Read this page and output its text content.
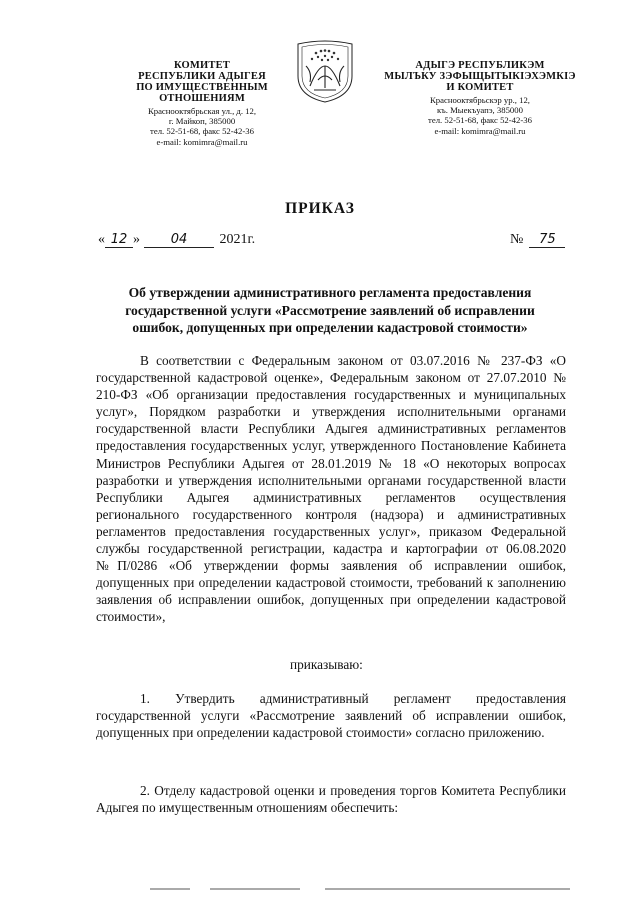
КОМИТЕТ
РЕСПУБЛИКИ АДЫГЕЯ
ПО ИМУЩЕСТВЕННЫМ ОТНОШЕНИЯМ
Краснооктябрьская ул., д. 12,
г. Майкоп, 385000
тел. 52-51-68, факс 52-42-36
e-mail: komimra@mail.ru
АДЫГЭ РЕСПУБЛИКЭМ
МЫЛЪКУ ЗЭФЫЩЫТЫКІЭХЭМКІЭ
И КОМИТЕТ
Краснооктябрьскэр ур., 12,
къ. Мыекъуапэ, 385000
тел. 52-51-68, факс 52-42-36
e-mail: komimra@mail.ru
ПРИКАЗ
« 12 » 04 2021г.	№ 75
Об утверждении административного регламента предоставления государственной услуги «Рассмотрение заявлений об исправлении ошибок, допущенных при определении кадастровой стоимости»
В соответствии с Федеральным законом от 03.07.2016 № 237-ФЗ «О государственной кадастровой оценке», Федеральным законом от 27.07.2010 № 210-ФЗ «Об организации предоставления государственных и муниципальных услуг», Порядком разработки и утверждения исполнительными органами государственной власти Республики Адыгея административных регламентов предоставления государственных услуг, утвержденного Постановление Кабинета Министров Республики Адыгея от 28.01.2019 № 18 «О некоторых вопросах разработки и утверждения исполнительными органами государственной власти Республики Адыгея административных регламентов осуществления регионального государственного контроля (надзора) и административных регламентов предоставления государственных услуг», приказом Федеральной службы государственной регистрации, кадастра и картографии от 06.08.2020 №П/0286 «Об утверждении формы заявления об исправлении ошибок, допущенных при определении кадастровой стоимости, требований к заполнению заявления об исправлении ошибок, допущенных при определении кадастровой стоимости»,
приказываю:
1. Утвердить административный регламент предоставления государственной услуги «Рассмотрение заявлений об исправлении ошибок, допущенных при определении кадастровой стоимости» согласно приложению.
2. Отделу кадастровой оценки и проведения торгов Комитета Республики Адыгея по имущественным отношениям обеспечить:
